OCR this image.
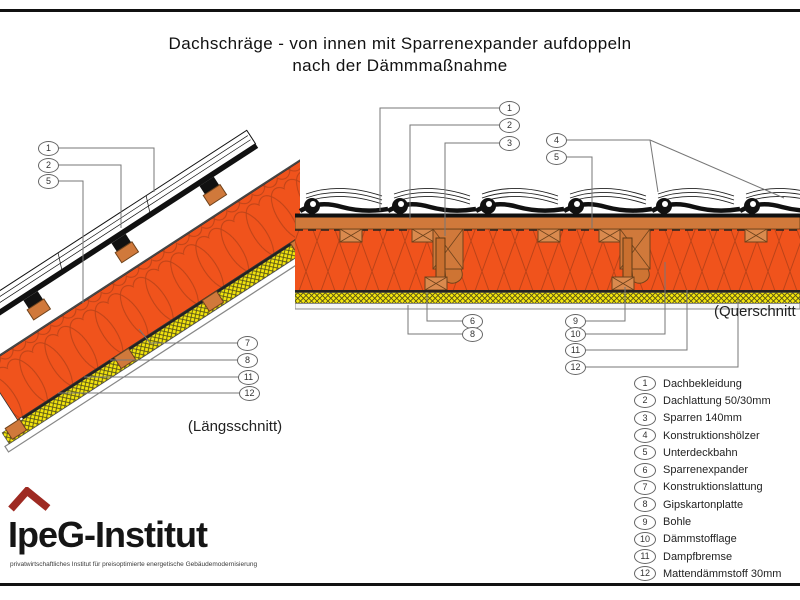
Dachschräge - von innen mit Sparrenexpander aufdoppeln
nach der Dämmmaßnahme
1
2
5
7
8
11
12
1
2
3	4
5
6
8
9
10
11
12
(Längsschnitt)
(Querschnitt
1	Dachbekleidung
2	Dachlattung 50/30mm
3	Sparren 140mm
4	Konstruktionshölzer
5	Unterdeckbahn
6	Sparrenexpander
7	Konstruktionslattung
8	Gipskartonplatte
9	Bohle
10	Dämmstofflage
11	Dampfbremse
12	Mattendämmstoff 30mm
IpeG-Institut
privatwirtschaftliches Institut für preisoptimierte energetische Gebäudemodernisierung
